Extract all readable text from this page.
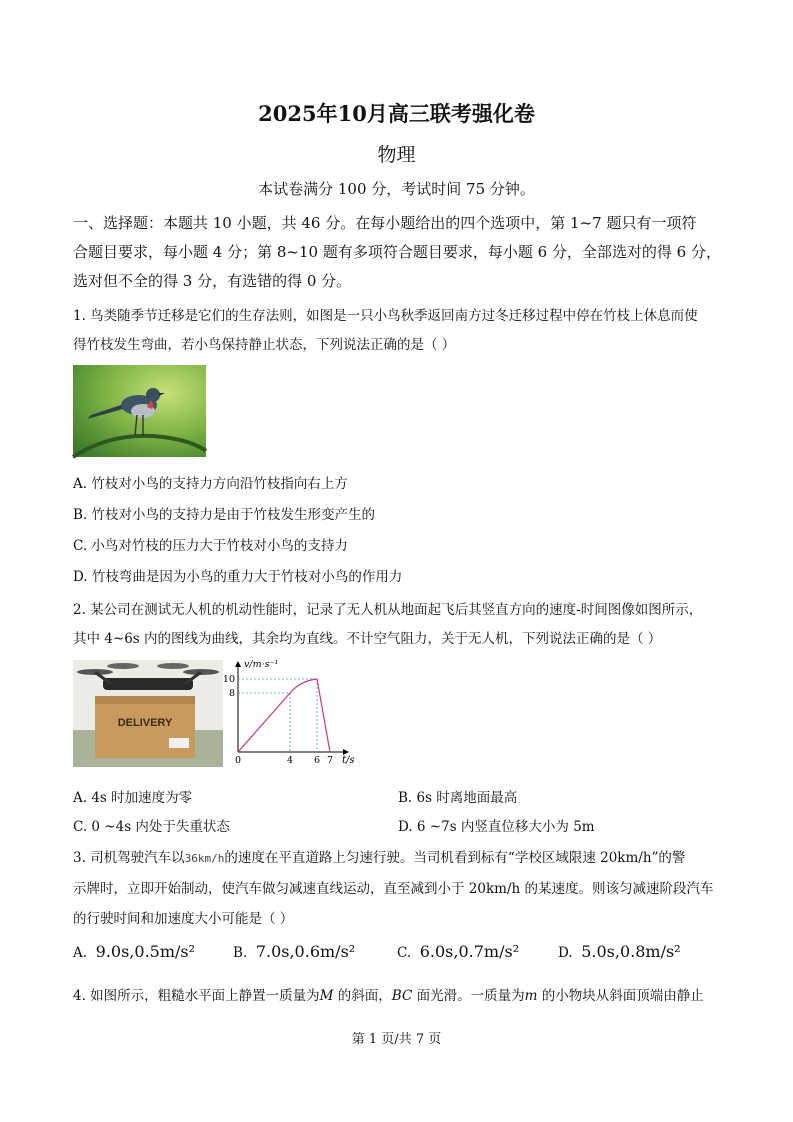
2025年10月高三联考强化卷
物理
本试卷满分 100 分，考试时间 75 分钟。
一、选择题：本题共 10 小题，共 46 分。在每小题给出的四个选项中，第 1~7 题只有一项符
合题目要求，每小题 4 分；第 8~10 题有多项符合题目要求，每小题 6 分，全部选对的得 6 分，
选对但不全的得 3 分，有选错的得 0 分。
1. 鸟类随季节迁移是它们的生存法则，如图是一只小鸟秋季返回南方过冬迁移过程中停在竹枝上休息而使
得竹枝发生弯曲，若小鸟保持静止状态，下列说法正确的是（ ）
A. 竹枝对小鸟的支持力方向沿竹枝指向右上方
B. 竹枝对小鸟的支持力是由于竹枝发生形变产生的
C. 小鸟对竹枝的压力大于竹枝对小鸟的支持力
D. 竹枝弯曲是因为小鸟的重力大于竹枝对小鸟的作用力
2. 某公司在测试无人机的机动性能时，记录了无人机从地面起飞后其竖直方向的速度-时间图像如图所示，
其中 4~6s 内的图线为曲线，其余均为直线。不计空气阻力，关于无人机，下列说法正确的是（ ）
DELIVERY
v/m·s⁻¹
t/s
10
8
0	4 6 7
A. 4s 时加速度为零	B. 6s 时离地面最高
C. 0 ~4s 内处于失重状态	D. 6 ~7s 内竖直位移大小为 5m
3. 司机驾驶汽车以36km/h的速度在平直道路上匀速行驶。当司机看到标有“学校区域限速 20km/h”的警
示牌时，立即开始制动，使汽车做匀减速直线运动，直至减到小于 20km/h 的某速度。则该匀减速阶段汽车
的行驶时间和加速度大小可能是（ ）
A. 9.0s,0.5m/s²	B. 7.0s,0.6m/s²	C. 6.0s,0.7m/s²	D. 5.0s,0.8m/s²
4. 如图所示，粗糙水平面上静置一质量为M 的斜面，BC 面光滑。一质量为m 的小物块从斜面顶端由静止
第 1 页/共 7 页
